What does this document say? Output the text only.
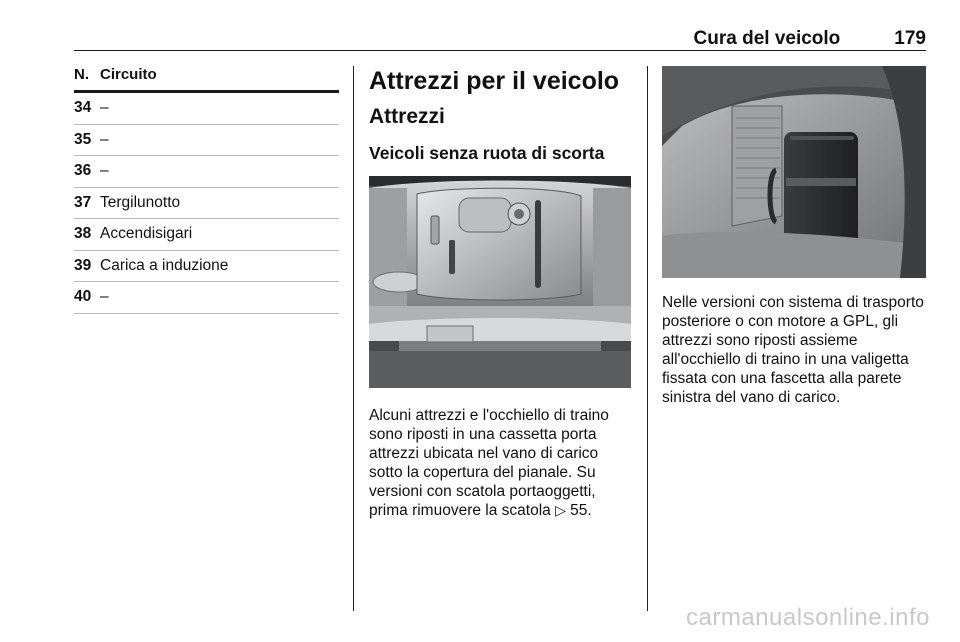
Cura del veicolo	179
N. Circuito
34 –
35 –
36 –
37 Tergilunotto
38 Accendisigari
39 Carica a induzione
40 –
Attrezzi per il veicolo
Attrezzi
Veicoli senza ruota di scorta

Alcuni attrezzi e l'occhiello di traino sono riposti in una cassetta porta attrezzi ubicata nel vano di carico sotto la copertura del pianale. Su versioni con scatola portaoggetti, prima rimuovere la scatola ▷ 55.

Nelle versioni con sistema di trasporto posteriore o con motore a GPL, gli attrezzi sono riposti assieme all'occhiello di traino in una valigetta fissata con una fascetta alla parete sinistra del vano di carico.

carmanualsonline.info
